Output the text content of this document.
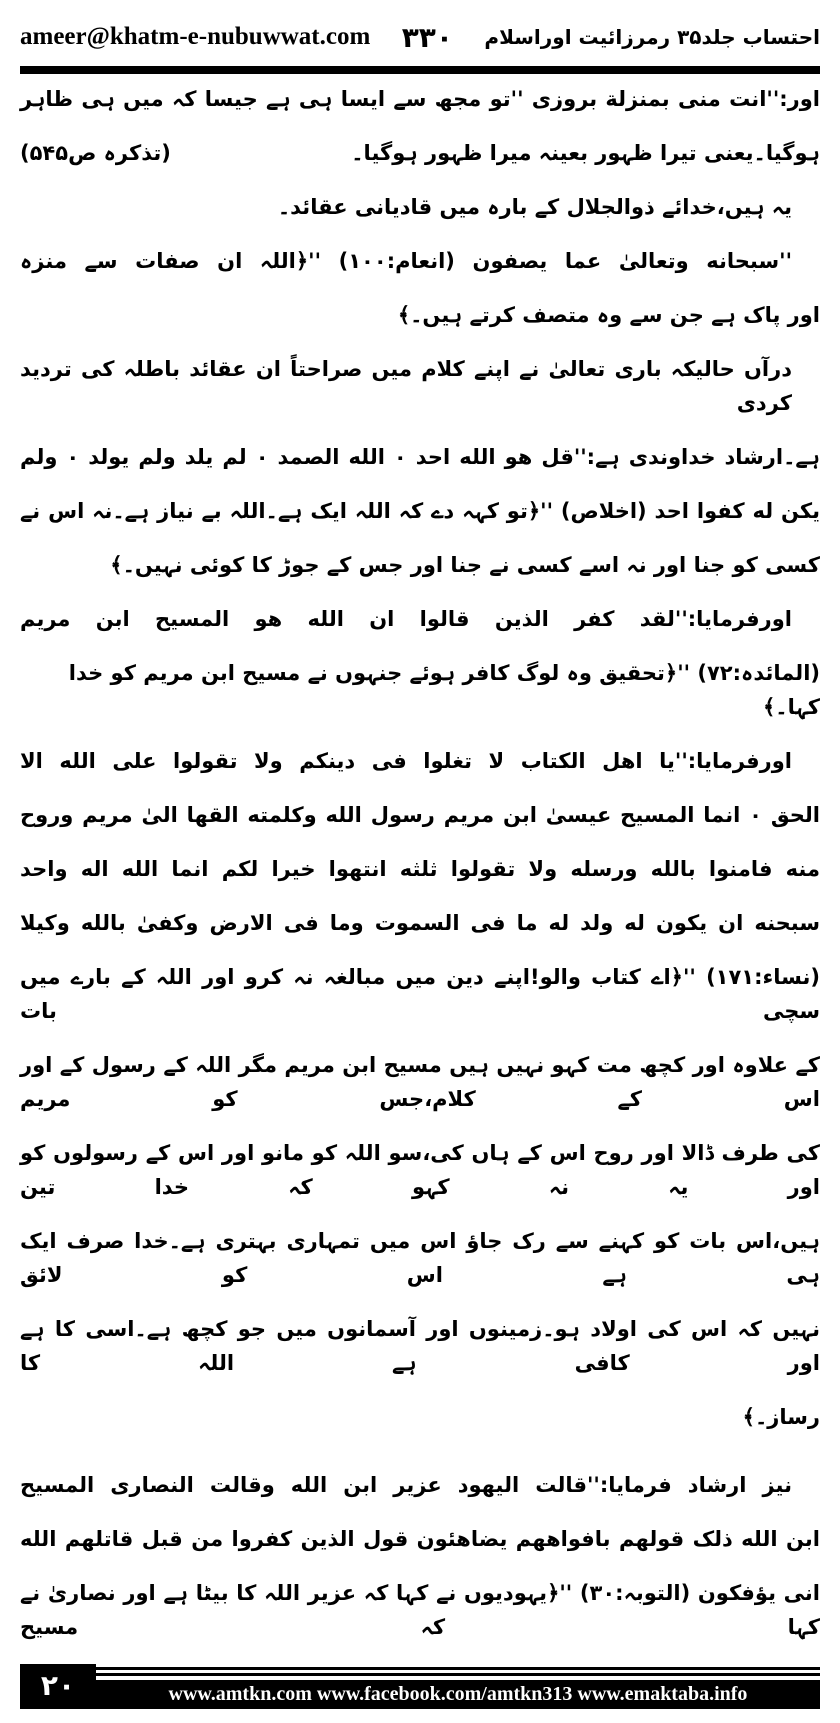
ameer@khatm-e-nubuwwat.com ۳۳۰ احتساب جلد۳۵ رمرزائیت اوراسلام
اور:''انت منی بمنزلة بروزی ''تو مجھ سے ایسا ہی ہے جیسا کہ میں ہی ظاہر
ہوگیا۔یعنی تیرا ظہور بعینہ میرا ظہور ہوگیا۔
(تذکرہ ص۵۴۵)
یہ ہیں،خدائے ذوالجلال کے بارہ میں قادیانی عقائد۔
''سبحانه وتعالیٰ عما یصفون (انعام:۱۰۰) ''﴿اللہ ان صفات سے منزہ
اور پاک ہے جن سے وہ متصف کرتے ہیں۔﴾
درآں حالیکہ باری تعالیٰ نے اپنے کلام میں صراحتاً ان عقائد باطلہ کی تردید کردی
ہے۔ارشاد خداوندی ہے:''قل هو الله احد ۰ الله الصمد ۰ لم یلد ولم یولد ۰ ولم
یکن له کفوا احد (اخلاص) ''﴿تو کہہ دے کہ اللہ ایک ہے۔اللہ بے نیاز ہے۔نہ اس نے
کسی کو جنا اور نہ اسے کسی نے جنا اور جس کے جوڑ کا کوئی نہیں۔﴾
اورفرمایا:''لقد کفر الذین قالوا ان الله هو المسیح ابن مریم
(المائدہ:۷۲) ''﴿تحقیق وہ لوگ کافر ہوئے جنہوں نے مسیح ابن مریم کو خدا کہا۔﴾
اورفرمایا:''یا اهل الکتاب لا تغلوا فی دینکم ولا تقولوا علی الله الا
الحق ۰ انما المسیح عیسیٰ ابن مریم رسول الله وکلمته القها الیٰ مریم وروح
منه فامنوا بالله ورسله ولا تقولوا ثلثه انتهوا خیرا لکم انما الله اله واحد
سبحنه ان یکون له ولد له ما فی السموت وما فی الارض وکفیٰ بالله وکیلا
(نساء:۱۷۱) ''﴿اے کتاب والو!اپنے دین میں مبالغہ نہ کرو اور اللہ کے بارے میں سچی بات
کے علاوہ اور کچھ مت کہو نہیں ہیں مسیح ابن مریم مگر اللہ کے رسول کے اور اس کے کلام،جس کو مریم
کی طرف ڈالا اور روح اس کے ہاں کی،سو اللہ کو مانو اور اس کے رسولوں کو اور یہ نہ کہو کہ خدا تین
ہیں،اس بات کو کہنے سے رک جاؤ اس میں تمہاری بہتری ہے۔خدا صرف ایک ہی ہے اس کو لائق
نہیں کہ اس کی اولاد ہو۔زمینوں اور آسمانوں میں جو کچھ ہے۔اسی کا ہے اور کافی ہے اللہ کا
رساز۔﴾
نیز ارشاد فرمایا:''قالت الیهود عزیر ابن الله وقالت النصاری المسیح
ابن الله ذلک قولهم بافواههم یضاهئون قول الذین کفروا من قبل قاتلهم الله
انی یؤفکون (التوبہ:۳۰) ''﴿یہودیوں نے کہا کہ عزیر اللہ کا بیٹا ہے اور نصاریٰ نے کہا کہ مسیح
۲۰	www.amtkn.com www.facebook.com/amtkn313 www.emaktaba.info
